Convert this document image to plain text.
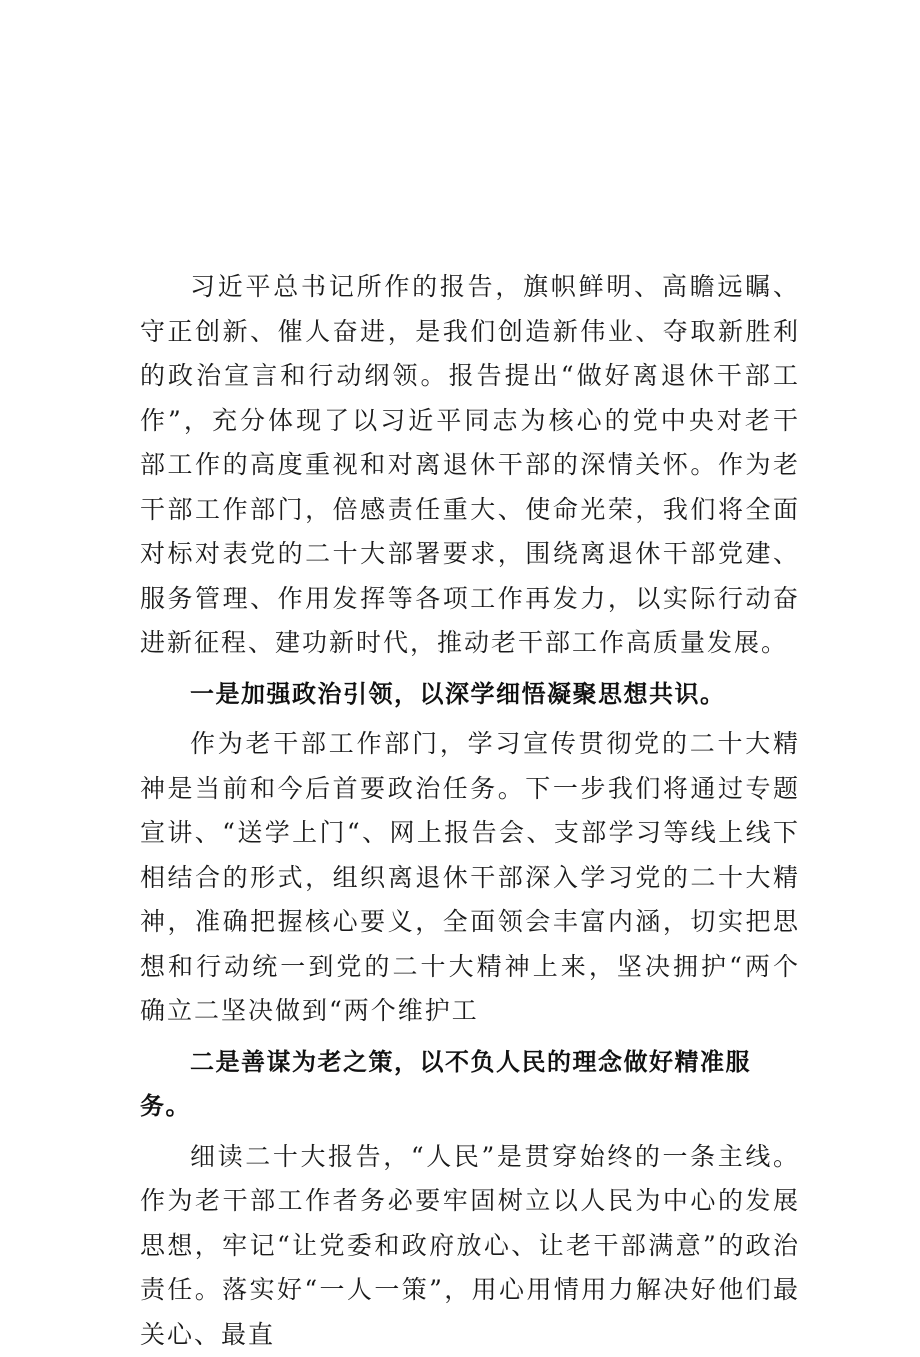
习近平总书记所作的报告，旗帜鲜明、高瞻远瞩、守正创新、催人奋进，是我们创造新伟业、夺取新胜利的政治宣言和行动纲领。报告提出“做好离退休干部工作”，充分体现了以习近平同志为核心的党中央对老干部工作的高度重视和对离退休干部的深情关怀。作为老干部工作部门，倍感责任重大、使命光荣，我们将全面对标对表党的二十大部署要求，围绕离退休干部党建、服务管理、作用发挥等各项工作再发力，以实际行动奋进新征程、建功新时代，推动老干部工作高质量发展。

一是加强政治引领，以深学细悟凝聚思想共识。

作为老干部工作部门，学习宣传贯彻党的二十大精神是当前和今后首要政治任务。下一步我们将通过专题宣讲、“送学上门“、网上报告会、支部学习等线上线下相结合的形式，组织离退休干部深入学习党的二十大精神，准确把握核心要义，全面领会丰富内涵，切实把思想和行动统一到党的二十大精神上来，坚决拥护“两个确立二坚决做到“两个维护工

二是善谋为老之策，以不负人民的理念做好精准服务。

细读二十大报告，“人民”是贯穿始终的一条主线。作为老干部工作者务必要牢固树立以人民为中心的发展思想，牢记“让党委和政府放心、让老干部满意”的政治责任。落实好“一人一策”，用心用情用力解决好他们最关心、最直
